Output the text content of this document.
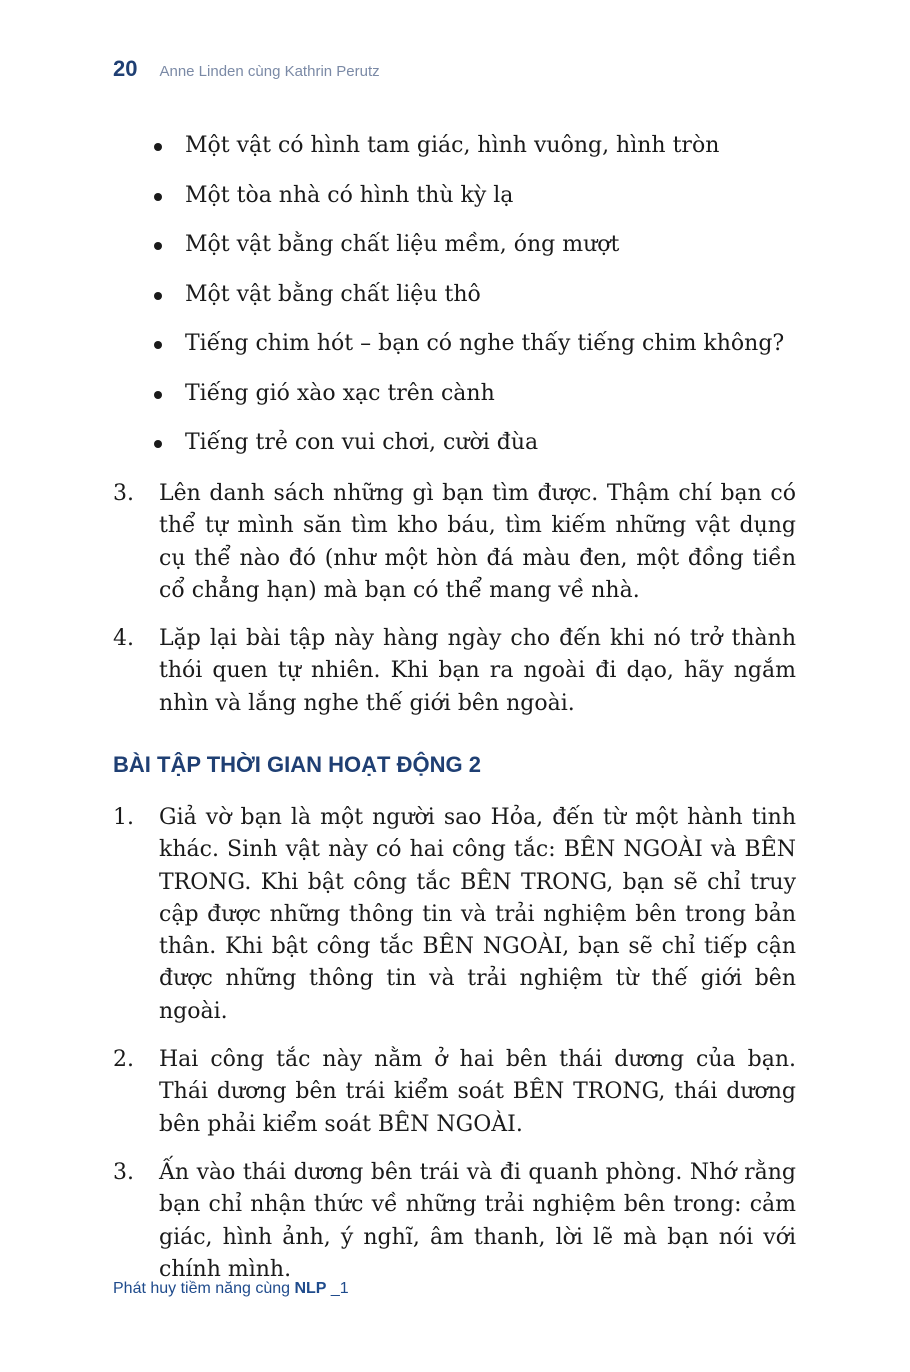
20 Anne Linden cùng Kathrin Perutz
Một vật có hình tam giác, hình vuông, hình tròn
Một tòa nhà có hình thù kỳ lạ
Một vật bằng chất liệu mềm, óng mượt
Một vật bằng chất liệu thô
Tiếng chim hót – bạn có nghe thấy tiếng chim không?
Tiếng gió xào xạc trên cành
Tiếng trẻ con vui chơi, cười đùa
3. Lên danh sách những gì bạn tìm được. Thậm chí bạn có thể tự mình săn tìm kho báu, tìm kiếm những vật dụng cụ thể nào đó (như một hòn đá màu đen, một đồng tiền cổ chẳng hạn) mà bạn có thể mang về nhà.
4. Lặp lại bài tập này hàng ngày cho đến khi nó trở thành thói quen tự nhiên. Khi bạn ra ngoài đi dạo, hãy ngắm nhìn và lắng nghe thế giới bên ngoài.
BÀI TẬP THỜI GIAN HOẠT ĐỘNG 2
1. Giả vờ bạn là một người sao Hỏa, đến từ một hành tinh khác. Sinh vật này có hai công tắc: BÊN NGOÀI và BÊN TRONG. Khi bật công tắc BÊN TRONG, bạn sẽ chỉ truy cập được những thông tin và trải nghiệm bên trong bản thân. Khi bật công tắc BÊN NGOÀI, bạn sẽ chỉ tiếp cận được những thông tin và trải nghiệm từ thế giới bên ngoài.
2. Hai công tắc này nằm ở hai bên thái dương của bạn. Thái dương bên trái kiểm soát BÊN TRONG, thái dương bên phải kiểm soát BÊN NGOÀI.
3. Ấn vào thái dương bên trái và đi quanh phòng. Nhớ rằng bạn chỉ nhận thức về những trải nghiệm bên trong: cảm giác, hình ảnh, ý nghĩ, âm thanh, lời lẽ mà bạn nói với chính mình.
Phát huy tiềm năng cùng NLP _1
